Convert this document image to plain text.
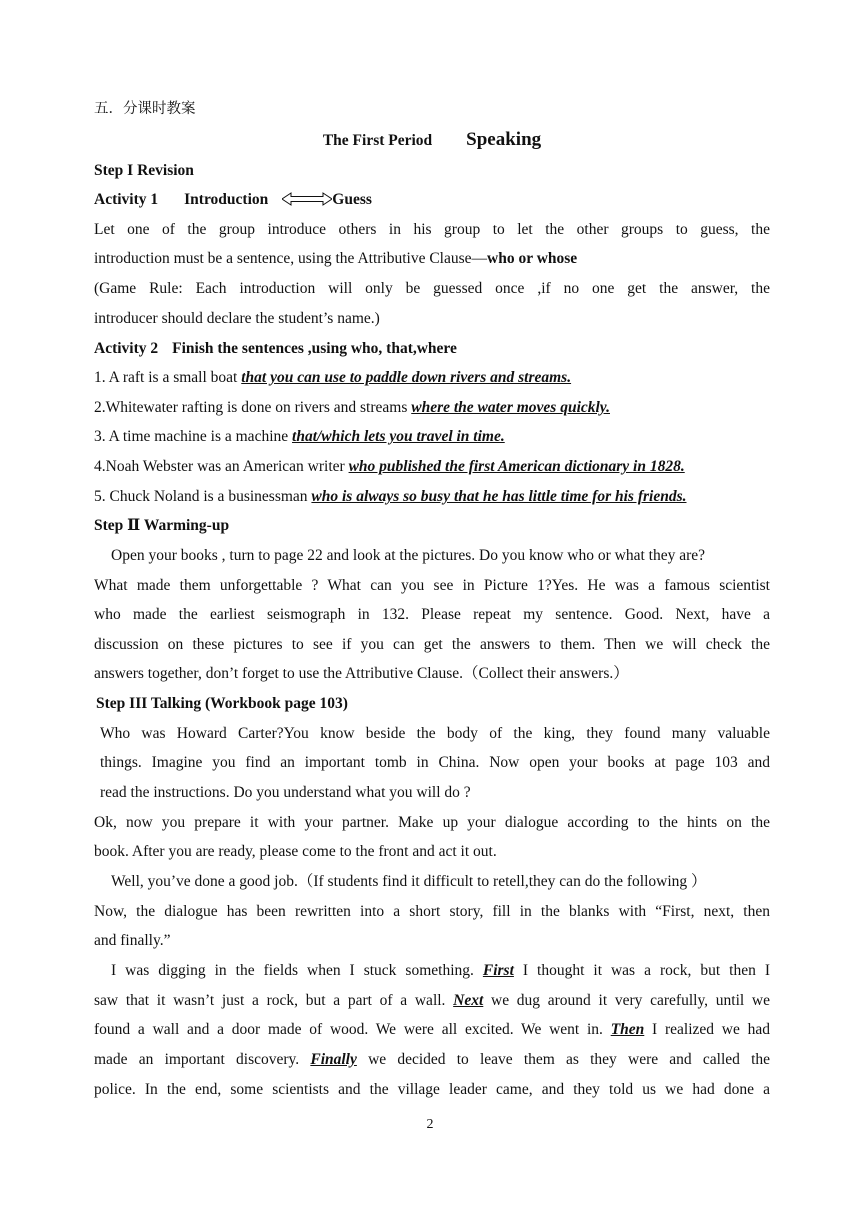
五．分课时教案
The First Period Speaking
Step I Revision
Activity 1 Introduction	Guess
Let one of the group introduce others in his group to let the other groups to guess, the
introduction must be a sentence, using the Attributive Clause—who or whose
(Game Rule: Each introduction will only be guessed once ,if no one get the answer, the
introducer should declare the student’s name.)
Activity 2 Finish the sentences ,using who, that,where
1. A raft is a small boat that you can use to paddle down rivers and streams.
2.Whitewater rafting is done on rivers and streams where the water moves quickly.
3. A time machine is a machine that/which lets you travel in time.
4.Noah Webster was an American writer who published the first American dictionary in 1828.
5. Chuck Noland is a businessman who is always so busy that he has little time for his friends.
Step Ⅱ Warming-up
Open your books , turn to page 22 and look at the pictures. Do you know who or what they are?
What made them unforgettable ? What can you see in Picture 1?Yes. He was a famous scientist
who made the earliest seismograph in 132. Please repeat my sentence. Good. Next, have a
discussion on these pictures to see if you can get the answers to them. Then we will check the
answers together, don’t forget to use the Attributive Clause.（Collect their answers.）
Step III Talking (Workbook page 103)
Who was Howard Carter?You know beside the body of the king, they found many valuable
things. Imagine you find an important tomb in China. Now open your books at page 103 and
read the instructions. Do you understand what you will do ?
Ok, now you prepare it with your partner. Make up your dialogue according to the hints on the
book. After you are ready, please come to the front and act it out.
Well, you’ve done a good job.（If students find it difficult to retell,they can do the following ）
Now, the dialogue has been rewritten into a short story, fill in the blanks with “First, next, then
and finally.”
I was digging in the fields when I stuck something. First I thought it was a rock, but then I
saw that it wasn’t just a rock, but a part of a wall. Next we dug around it very carefully, until we
found a wall and a door made of wood. We were all excited. We went in. Then I realized we had
made an important discovery. Finally we decided to leave them as they were and called the
police. In the end, some scientists and the village leader came, and they told us we had done a
2
